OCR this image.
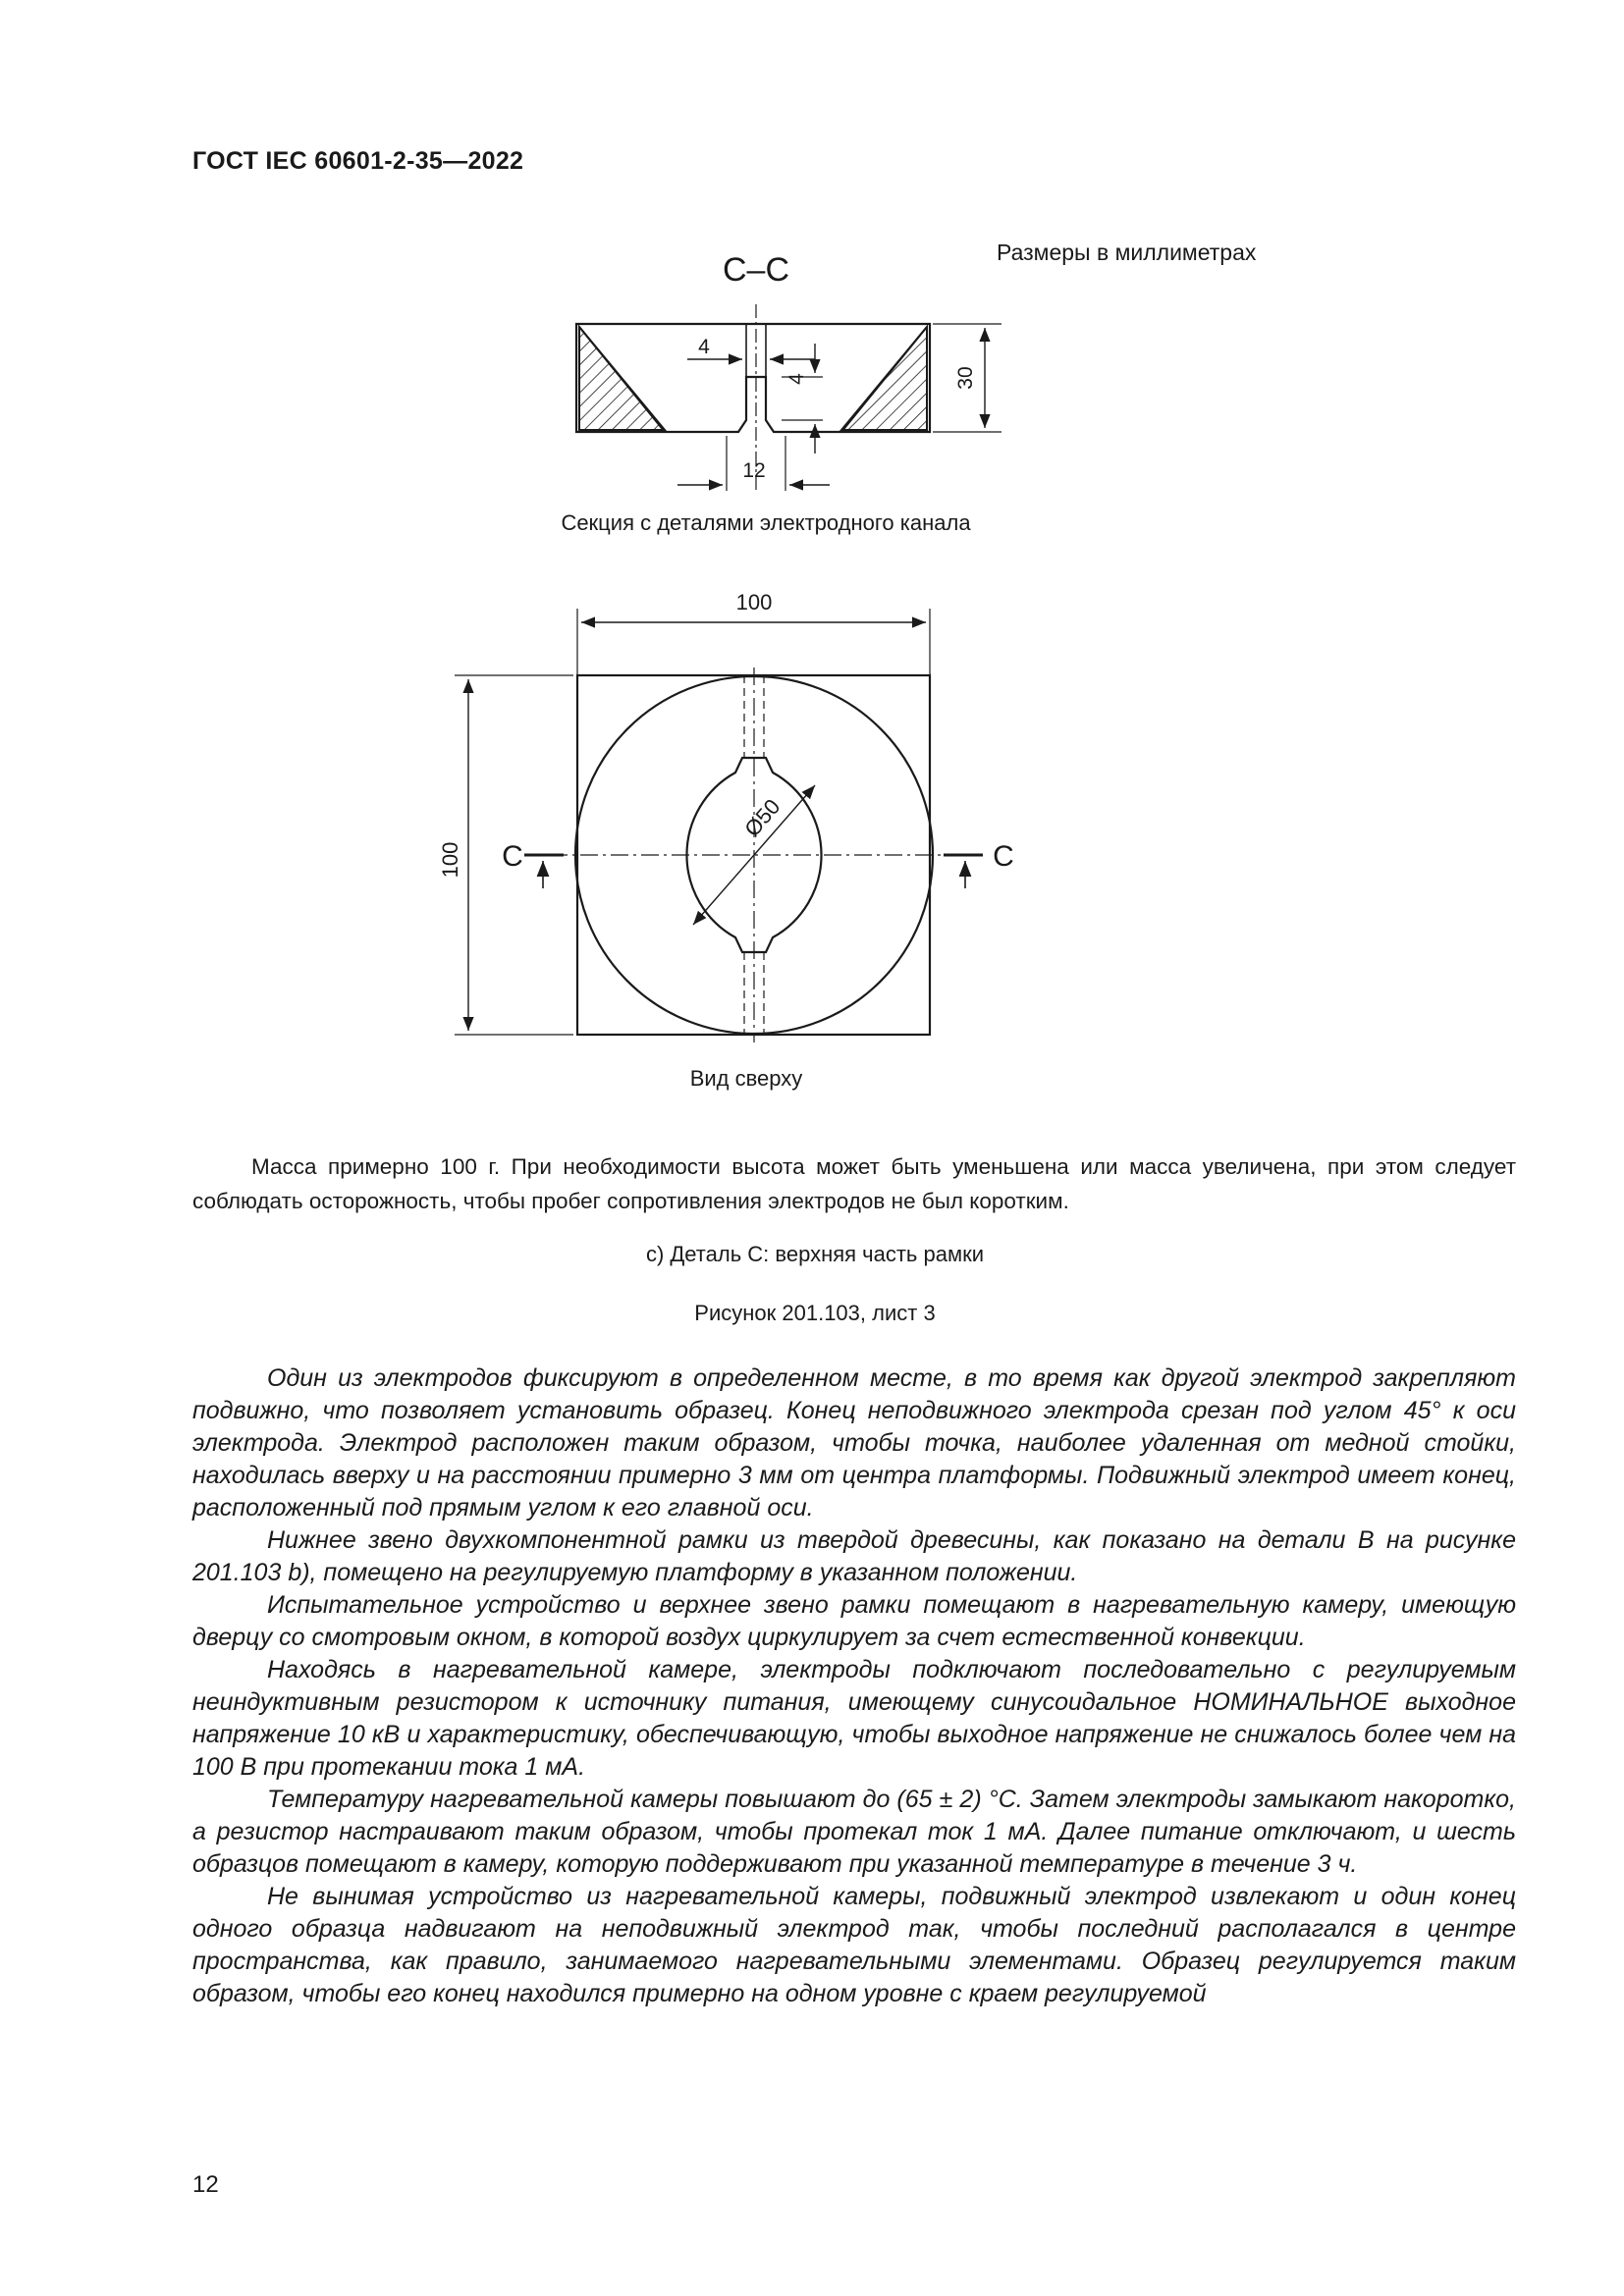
ГОСТ IEC 60601-2-35—2022
Размеры в миллиметрах
С–С
4
4	30
12
100
100
Ø50
C	C
Секция с деталями электродного канала
Вид сверху
Масса примерно 100 г. При необходимости высота может быть уменьшена или масса увеличена, при этом следует соблюдать осторожность, чтобы пробег сопротивления электродов не был коротким.
c) Деталь С: верхняя часть рамки
Рисунок 201.103, лист 3

Один из электродов фиксируют в определенном месте, в то время как другой электрод закрепляют подвижно, что позволяет установить образец. Конец неподвижного электрода срезан под углом 45° к оси электрода. Электрод расположен таким образом, чтобы точка, наиболее удаленная от медной стойки, находилась вверху и на расстоянии примерно 3 мм от центра платформы. Подвижный электрод имеет конец, расположенный под прямым углом к его главной оси.

Нижнее звено двухкомпонентной рамки из твердой древесины, как показано на детали B на рисунке 201.103 b), помещено на регулируемую платформу в указанном положении.

Испытательное устройство и верхнее звено рамки помещают в нагревательную камеру, имеющую дверцу со смотровым окном, в которой воздух циркулирует за счет естественной конвекции.

Находясь в нагревательной камере, электроды подключают последовательно с регулируемым неиндуктивным резистором к источнику питания, имеющему синусоидальное НОМИНАЛЬНОЕ выходное напряжение 10 кВ и характеристику, обеспечивающую, чтобы выходное напряжение не снижалось более чем на 100 В при протекании тока 1 мА.

Температуру нагревательной камеры повышают до (65 ± 2) °С. Затем электроды замыкают накоротко, а резистор настраивают таким образом, чтобы протекал ток 1 мА. Далее питание отключают, и шесть образцов помещают в камеру, которую поддерживают при указанной температуре в течение 3 ч.

Не вынимая устройство из нагревательной камеры, подвижный электрод извлекают и один конец одного образца надвигают на неподвижный электрод так, чтобы последний располагался в центре пространства, как правило, занимаемого нагревательными элементами. Образец регулируется таким образом, чтобы его конец находился примерно на одном уровне с краем регулируемой

12
